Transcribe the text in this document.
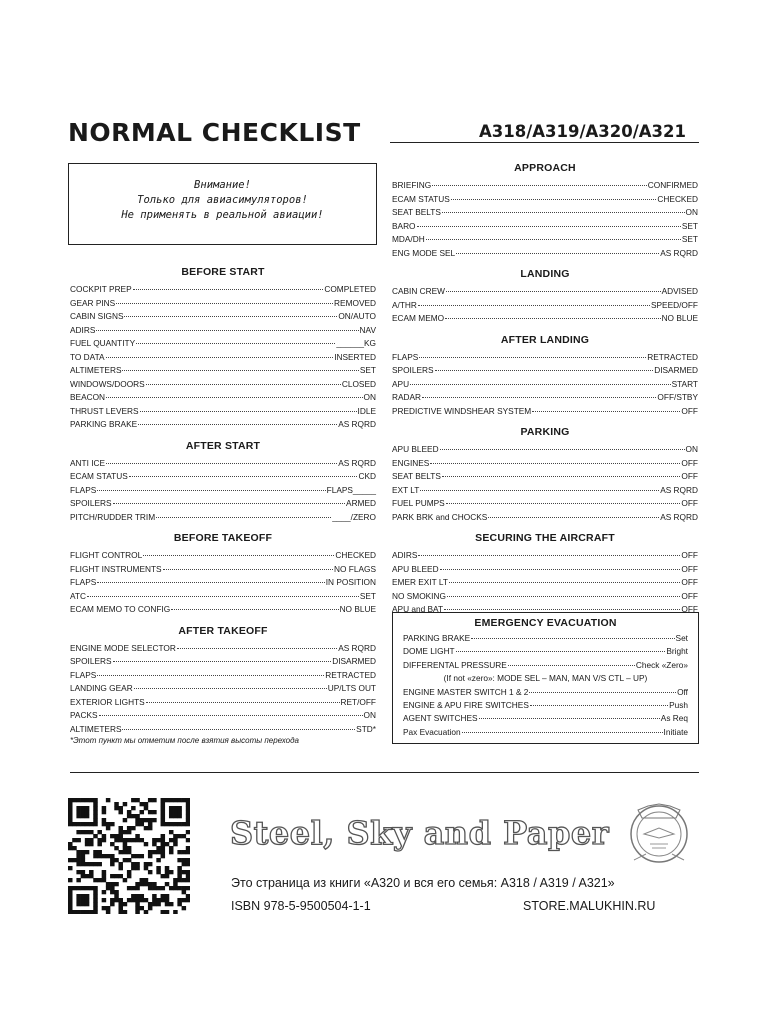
NORMAL CHECKLIST	A318/A319/A320/A321
Внимание!
Только для авиасимуляторов!
Не применять в реальной авиации!
BEFORE START
COCKPIT PREP	COMPLETED
GEAR PINS	REMOVED
CABIN SIGNS	ON/AUTO
ADIRS	NAV
FUEL QUANTITY	______KG
TO DATA	INSERTED
ALTIMETERS	SET
WINDOWS/DOORS	CLOSED
BEACON	ON
THRUST LEVERS	IDLE
PARKING BRAKE	AS RQRD
AFTER START
ANTI ICE	AS RQRD
ECAM STATUS	CKD
FLAPS	FLAPS_____
SPOILERS	ARMED
PITCH/RUDDER TRIM	____/ZERO
BEFORE TAKEOFF
FLIGHT CONTROL	CHECKED
FLIGHT INSTRUMENTS	NO FLAGS
FLAPS	IN POSITION
ATC	SET
ECAM MEMO TO CONFIG	NO BLUE
AFTER TAKEOFF
ENGINE MODE SELECTOR	AS RQRD
SPOILERS	DISARMED
FLAPS	RETRACTED
LANDING GEAR	UP/LTS OUT
EXTERIOR LIGHTS	RET/OFF
PACKS	ON
ALTIMETERS	STD*
*Этот пункт мы отметим после взятия высоты перехода
APPROACH
BRIEFING	CONFIRMED
ECAM STATUS	CHECKED
SEAT BELTS	ON
BARO	SET
MDA/DH	SET
ENG MODE SEL	AS RQRD
LANDING
CABIN CREW	ADVISED
A/THR	SPEED/OFF
ECAM MEMO	NO BLUE
AFTER LANDING
FLAPS	RETRACTED
SPOILERS	DISARMED
APU	START
RADAR	OFF/STBY
PREDICTIVE WINDSHEAR SYSTEM	OFF
PARKING
APU BLEED	ON
ENGINES	OFF
SEAT BELTS	OFF
EXT LT	AS RQRD
FUEL PUMPS	OFF
PARK BRK and CHOCKS	AS RQRD
SECURING THE AIRCRAFT
ADIRS	OFF
APU BLEED	OFF
EMER EXIT LT	OFF
NO SMOKING	OFF
APU and BAT	OFF
EMERGENCY EVACUATION
PARKING BRAKE	Set
DOME LIGHT	Bright
DIFFERENTAL PRESSURE	Check «Zero»
(If not «zero»: MODE SEL – MAN, MAN V/S CTL – UP)
ENGINE MASTER SWITCH 1 & 2	Off
ENGINE & APU FIRE SWITCHES	Push
AGENT SWITCHES	As Req
Pax Evacuation	Initiate
Steel, Sky and Paper
Это страница из книги «A320 и вся его семья: A318 / A319 / A321»
ISBN 978-5-9500504-1-1	STORE.MALUKHIN.RU
